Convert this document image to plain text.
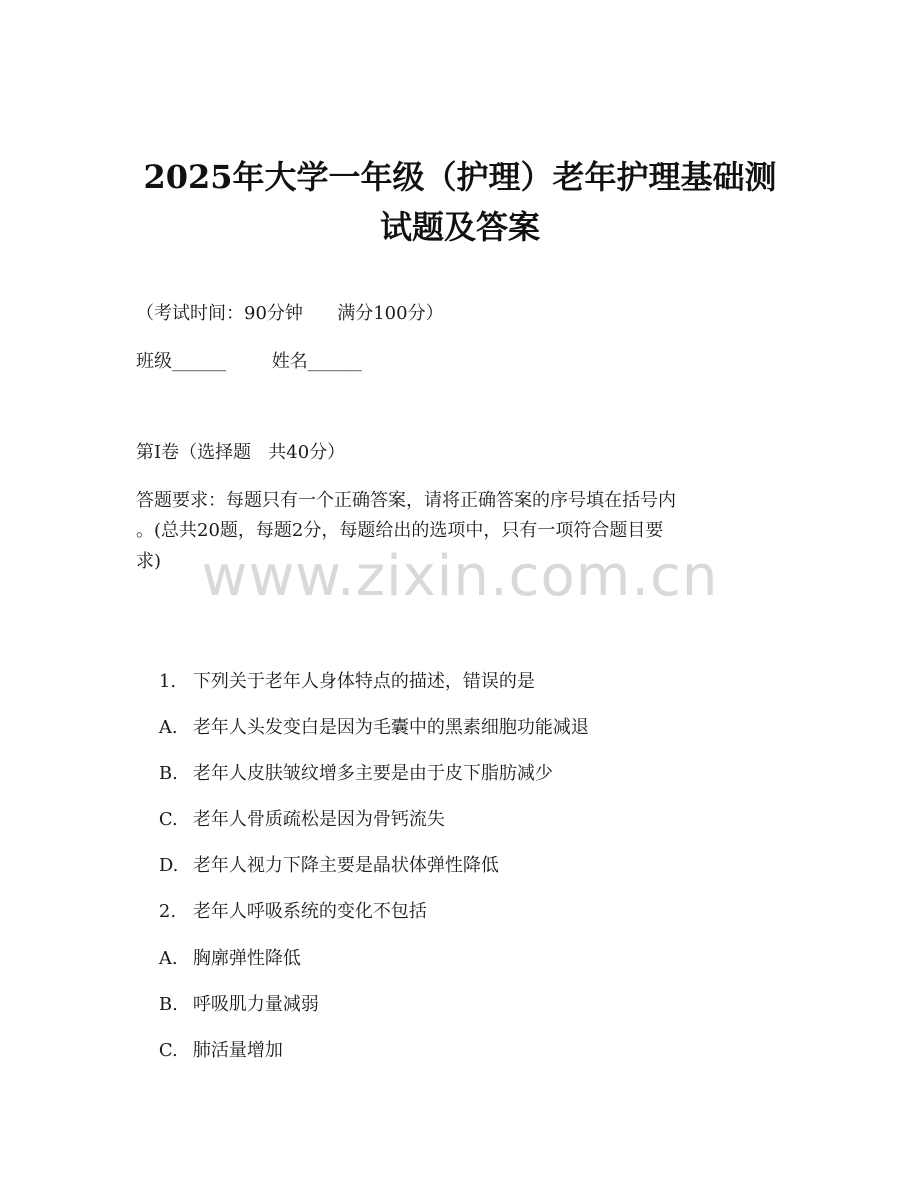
2025年大学一年级（护理）老年护理基础测
试题及答案
（考试时间：90分钟      满分100分）
班级______        姓名______
第I卷（选择题   共40分）
答题要求：每题只有一个正确答案，请将正确答案的序号填在括号内
。(总共20题，每题2分，每题给出的选项中，只有一项符合题目要
求) www.zixin.com.cn

1. 下列关于老年人身体特点的描述，错误的是

A. 老年人头发变白是因为毛囊中的黑素细胞功能减退

B. 老年人皮肤皱纹增多主要是由于皮下脂肪减少

C. 老年人骨质疏松是因为骨钙流失

D. 老年人视力下降主要是晶状体弹性降低

2. 老年人呼吸系统的变化不包括

A. 胸廓弹性降低

B. 呼吸肌力量减弱

C. 肺活量增加
